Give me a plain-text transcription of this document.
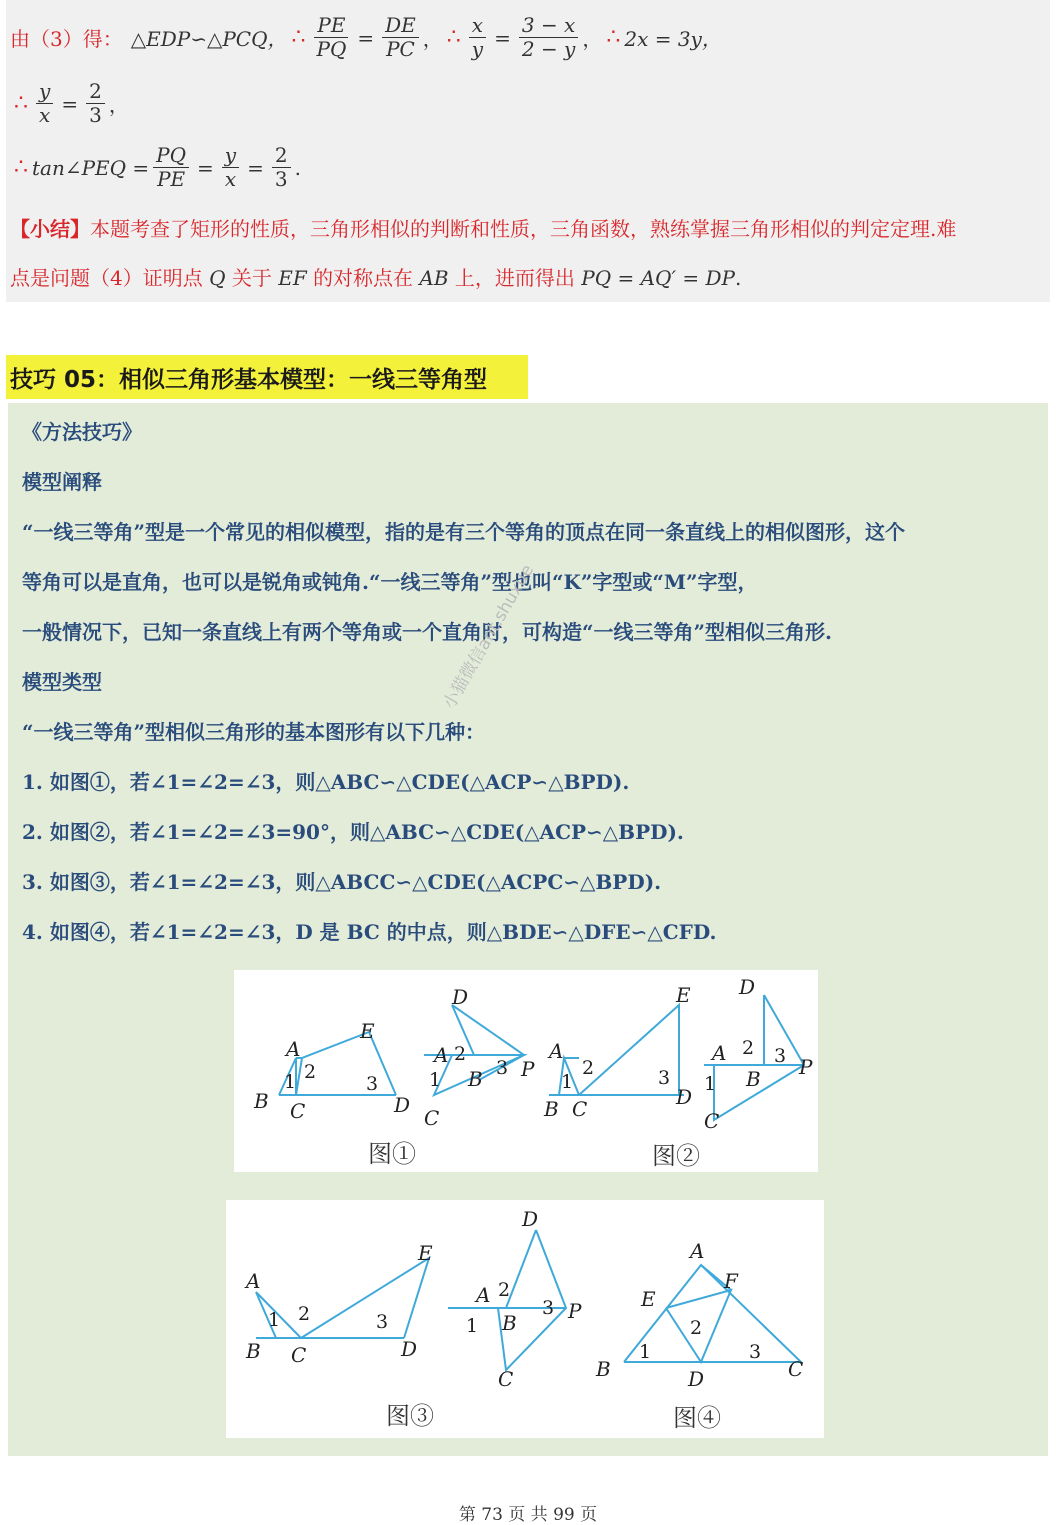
由（3）得： △EDP∽△PCQ， ∴ $\frac{PE}{PQ} = \frac{DE}{PC}$ ， ∴ $\frac{x}{y} = \frac{3 - x}{2 - y}$ ， ∴ 2x = 3y，
∴ $\frac{y}{x} = \frac{2}{3}$ ，
∴ tan∠PEQ = $\frac{PQ}{PE} = \frac{y}{x} = \frac{2}{3}$ .
【小结】本题考查了矩形的性质，三角形相似的判断和性质，三角函数，熟练掌握三角形相似的判定定理.难
点是问题（4）证明点 Q 关于 EF 的对称点在 AB 上，进而得出 PQ = AQ′ = DP.
技巧 05：相似三角形基本模型：一线三等角型
《方法技巧》
模型阐释
“一线三等角”型是一个常见的相似模型，指的是有三个等角的顶点在同一条直线上的相似图形，这个
等角可以是直角，也可以是锐角或钝角.“一线三等角”型也叫“K”字型或“M”字型，
一般情况下，已知一条直线上有两个等角或一个直角时，可构造“一线三等角”型相似三角形.
模型类型
“一线三等角”型相似三角形的基本图形有以下几种：
1. 如图①，若∠1=∠2=∠3，则△ABC∽△CDE(△ACP∽△BPD).
2. 如图②，若∠1=∠2=∠3=90°，则△ABC∽△CDE(△ACP∽△BPD).
3. 如图③，若∠1=∠2=∠3，则△ABCC∽△CDE(△ACPC∽△BPD).
4. 如图④，若∠1=∠2=∠3，D 是 BC 的中点，则△BDE∽△DFE∽△CFD.
B C
A
E
D
D
A
B
C
P
A
B C
E
D
D
A
B
C
P
1 2
3
2
1
3
1
2	3
2
1
3
图①	图②
A
B C
E
D
D
A
B
C
P
A
E
F
B	D	C
1 2	3
2
1
3
1
2
3
图③	图④
小猫微信ant.shuxue
第 73 页 共 99 页
